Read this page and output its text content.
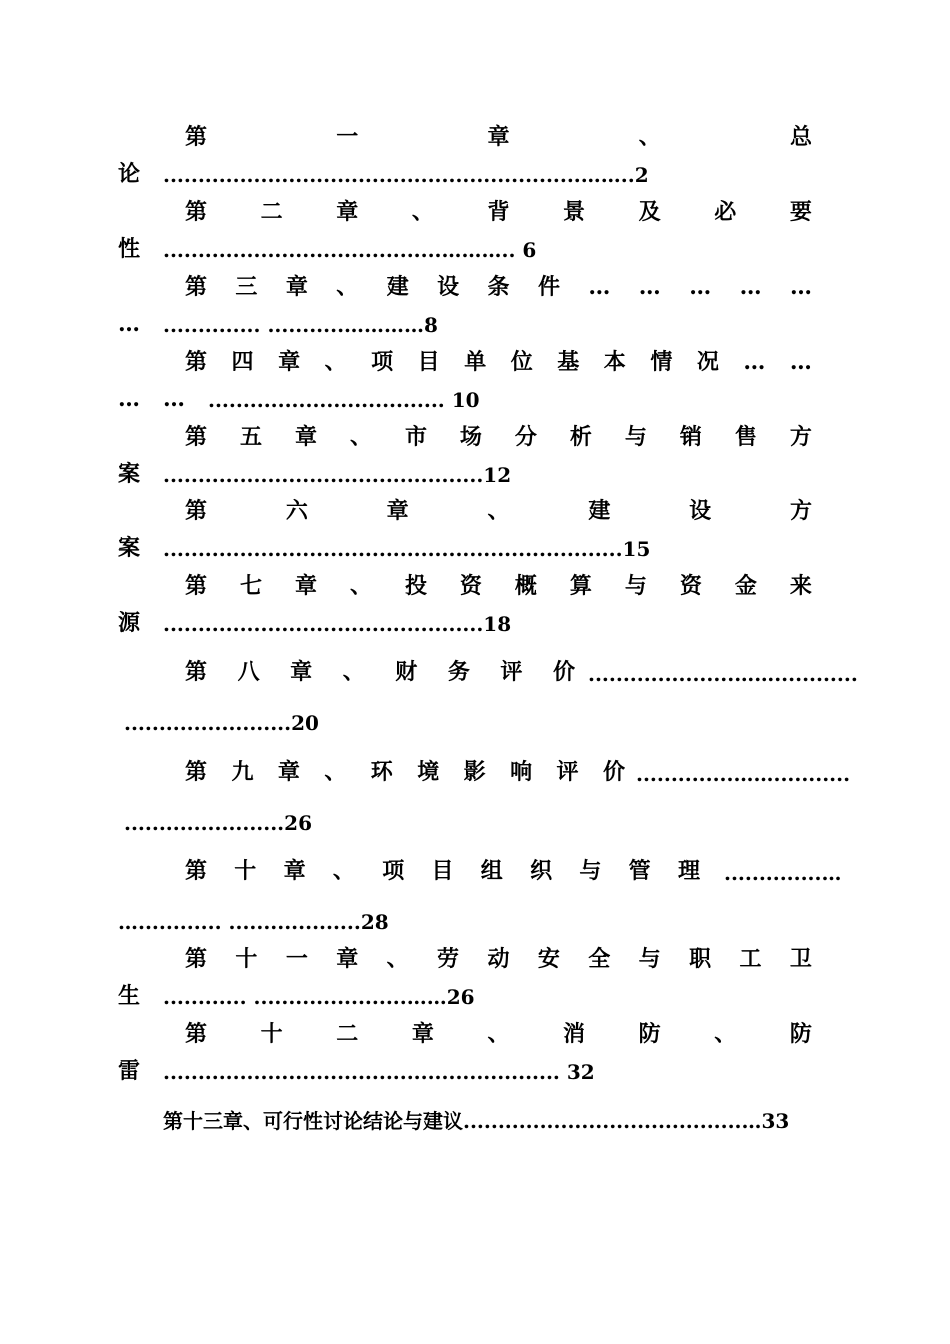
第	一	章	、	总
论 ............................................................……..2
第 二 章 、 背 景 及 必 要
性 ........................................……….. 6
第 三 章 、 建 设 条 件 … … … … …
… .............. ...........…………8
第 四 章 、 项 目 单 位 基 本 情 况 … …
… … .................................. 10
第 五 章 、 市 场 分 析 与 销 售 方
案 ..............................................12
第	六	章	、	建	设	方
案 ..................................................................15
第 七 章 、 投 资 概 算 与 资 金 来
源 ..............................................18
第 八 章 、 财 务 评 价 .....................……............
........................20
第 九 章 、 环 境 影 响 评 价 ..............……...........
.......................26
第 十 章 、 项 目 组 织 与 管 理 ..............…
…............ ...................28
第 十 一 章 、 劳 动 安 全 与 职 工 卫
生 ............ ......................……26
第 十 二 章 、 消 防 、 防
雷 ......................................................... 32
第十三章、可行性讨论结论与建议........................................…33
